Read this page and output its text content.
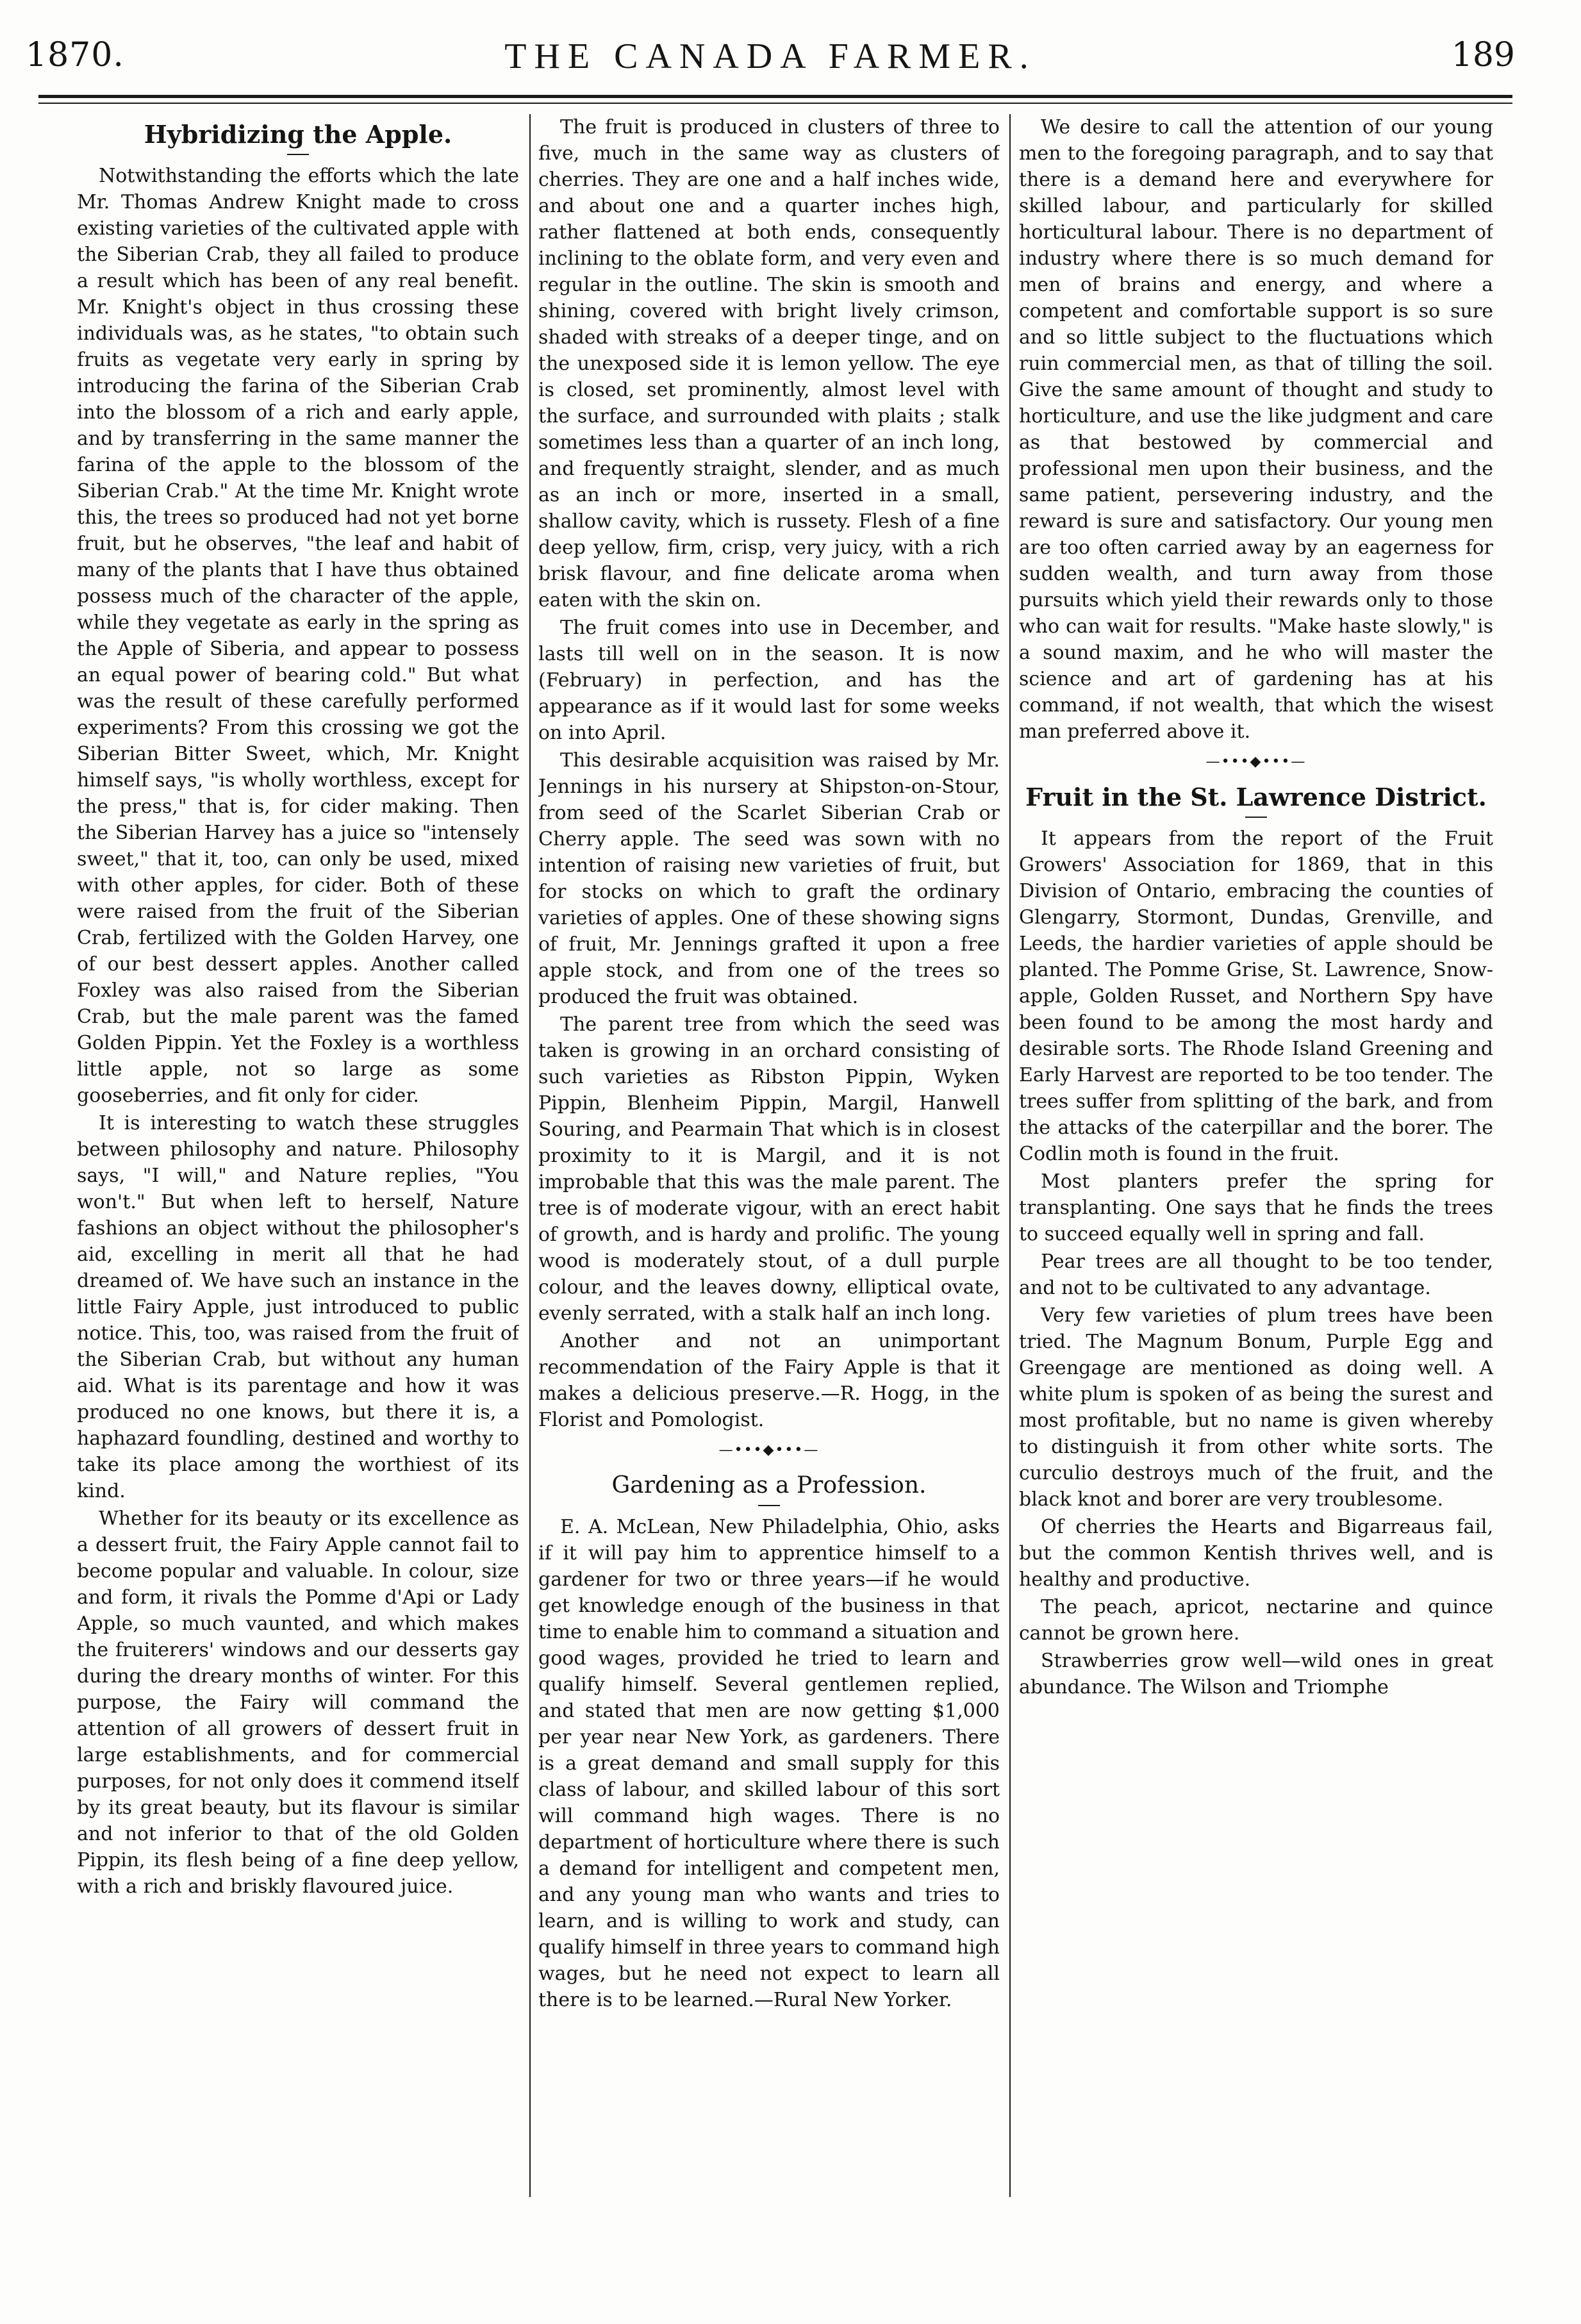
1870.	THE CANADA FARMER.	189
Hybridizing the Apple.

Notwithstanding the efforts which the late Mr. Thomas Andrew Knight made to cross existing varieties of the cultivated apple with the Siberian Crab, they all failed to produce a result which has been of any real benefit. Mr. Knight's object in thus crossing these individuals was, as he states, "to obtain such fruits as vegetate very early in spring by introducing the farina of the Siberian Crab into the blossom of a rich and early apple, and by transferring in the same manner the farina of the apple to the blossom of the Siberian Crab." At the time Mr. Knight wrote this, the trees so produced had not yet borne fruit, but he observes, "the leaf and habit of many of the plants that I have thus obtained possess much of the character of the apple, while they vegetate as early in the spring as the Apple of Siberia, and appear to possess an equal power of bearing cold." But what was the result of these carefully performed experiments? From this crossing we got the Siberian Bitter Sweet, which, Mr. Knight himself says, "is wholly worthless, except for the press," that is, for cider making. Then the Siberian Harvey has a juice so "intensely sweet," that it, too, can only be used, mixed with other apples, for cider. Both of these were raised from the fruit of the Siberian Crab, fertilized with the Golden Harvey, one of our best dessert apples. Another called Foxley was also raised from the Siberian Crab, but the male parent was the famed Golden Pippin. Yet the Foxley is a worthless little apple, not so large as some gooseberries, and fit only for cider.

It is interesting to watch these struggles between philosophy and nature. Philosophy says, "I will," and Nature replies, "You won't." But when left to herself, Nature fashions an object without the philosopher's aid, excelling in merit all that he had dreamed of. We have such an instance in the little Fairy Apple, just introduced to public notice. This, too, was raised from the fruit of the Siberian Crab, but without any human aid. What is its parentage and how it was produced no one knows, but there it is, a haphazard foundling, destined and worthy to take its place among the worthiest of its kind.

Whether for its beauty or its excellence as a dessert fruit, the Fairy Apple cannot fail to become popular and valuable. In colour, size and form, it rivals the Pomme d'Api or Lady Apple, so much vaunted, and which makes the fruiterers' windows and our desserts gay during the dreary months of winter. For this purpose, the Fairy will command the attention of all growers of dessert fruit in large establishments, and for commercial purposes, for not only does it commend itself by its great beauty, but its flavour is similar and not inferior to that of the old Golden Pippin, its flesh being of a fine deep yellow, with a rich and briskly flavoured juice.

The fruit is produced in clusters of three to five, much in the same way as clusters of cherries. They are one and a half inches wide, and about one and a quarter inches high, rather flattened at both ends, consequently inclining to the oblate form, and very even and regular in the outline. The skin is smooth and shining, covered with bright lively crimson, shaded with streaks of a deeper tinge, and on the unexposed side it is lemon yellow. The eye is closed, set prominently, almost level with the surface, and surrounded with plaits ; stalk sometimes less than a quarter of an inch long, and frequently straight, slender, and as much as an inch or more, inserted in a small, shallow cavity, which is russety. Flesh of a fine deep yellow, firm, crisp, very juicy, with a rich brisk flavour, and fine delicate aroma when eaten with the skin on.

The fruit comes into use in December, and lasts till well on in the season. It is now (February) in perfection, and has the appearance as if it would last for some weeks on into April.

This desirable acquisition was raised by Mr. Jennings in his nursery at Shipston-on-Stour, from seed of the Scarlet Siberian Crab or Cherry apple. The seed was sown with no intention of raising new varieties of fruit, but for stocks on which to graft the ordinary varieties of apples. One of these showing signs of fruit, Mr. Jennings grafted it upon a free apple stock, and from one of the trees so produced the fruit was obtained.

The parent tree from which the seed was taken is growing in an orchard consisting of such varieties as Ribston Pippin, Wyken Pippin, Blenheim Pippin, Margil, Hanwell Souring, and Pearmain That which is in closest proximity to it is Margil, and it is not improbable that this was the male parent. The tree is of moderate vigour, with an erect habit of growth, and is hardy and prolific. The young wood is moderately stout, of a dull purple colour, and the leaves downy, elliptical ovate, evenly serrated, with a stalk half an inch long.

Another and not an unimportant recommendation of the Fairy Apple is that it makes a delicious preserve.—R. Hogg, in the Florist and Pomologist.

—•••◆•••—
Gardening as a Profession.

E. A. McLean, New Philadelphia, Ohio, asks if it will pay him to apprentice himself to a gardener for two or three years—if he would get knowledge enough of the business in that time to enable him to command a situation and good wages, provided he tried to learn and qualify himself. Several gentlemen replied, and stated that men are now getting $1,000 per year near New York, as gardeners. There is a great demand and small supply for this class of labour, and skilled labour of this sort will command high wages. There is no department of horticulture where there is such a demand for intelligent and competent men, and any young man who wants and tries to learn, and is willing to work and study, can qualify himself in three years to command high wages, but he need not expect to learn all there is to be learned.—Rural New Yorker.

We desire to call the attention of our young men to the foregoing paragraph, and to say that there is a demand here and everywhere for skilled labour, and particularly for skilled horticultural labour. There is no department of industry where there is so much demand for men of brains and energy, and where a competent and comfortable support is so sure and so little subject to the fluctuations which ruin commercial men, as that of tilling the soil. Give the same amount of thought and study to horticulture, and use the like judgment and care as that bestowed by commercial and professional men upon their business, and the same patient, persevering industry, and the reward is sure and satisfactory. Our young men are too often carried away by an eagerness for sudden wealth, and turn away from those pursuits which yield their rewards only to those who can wait for results. "Make haste slowly," is a sound maxim, and he who will master the science and art of gardening has at his command, if not wealth, that which the wisest man preferred above it.

—•••◆•••—
Fruit in the St. Lawrence District.

It appears from the report of the Fruit Growers' Association for 1869, that in this Division of Ontario, embracing the counties of Glengarry, Stormont, Dundas, Grenville, and Leeds, the hardier varieties of apple should be planted. The Pomme Grise, St. Lawrence, Snow-apple, Golden Russet, and Northern Spy have been found to be among the most hardy and desirable sorts. The Rhode Island Greening and Early Harvest are reported to be too tender. The trees suffer from splitting of the bark, and from the attacks of the caterpillar and the borer. The Codlin moth is found in the fruit.

Most planters prefer the spring for transplanting. One says that he finds the trees to succeed equally well in spring and fall.

Pear trees are all thought to be too tender, and not to be cultivated to any advantage.

Very few varieties of plum trees have been tried. The Magnum Bonum, Purple Egg and Greengage are mentioned as doing well. A white plum is spoken of as being the surest and most profitable, but no name is given whereby to distinguish it from other white sorts. The curculio destroys much of the fruit, and the black knot and borer are very troublesome.

Of cherries the Hearts and Bigarreaus fail, but the common Kentish thrives well, and is healthy and productive.

The peach, apricot, nectarine and quince cannot be grown here.

Strawberries grow well—wild ones in great abundance. The Wilson and Triomphe
